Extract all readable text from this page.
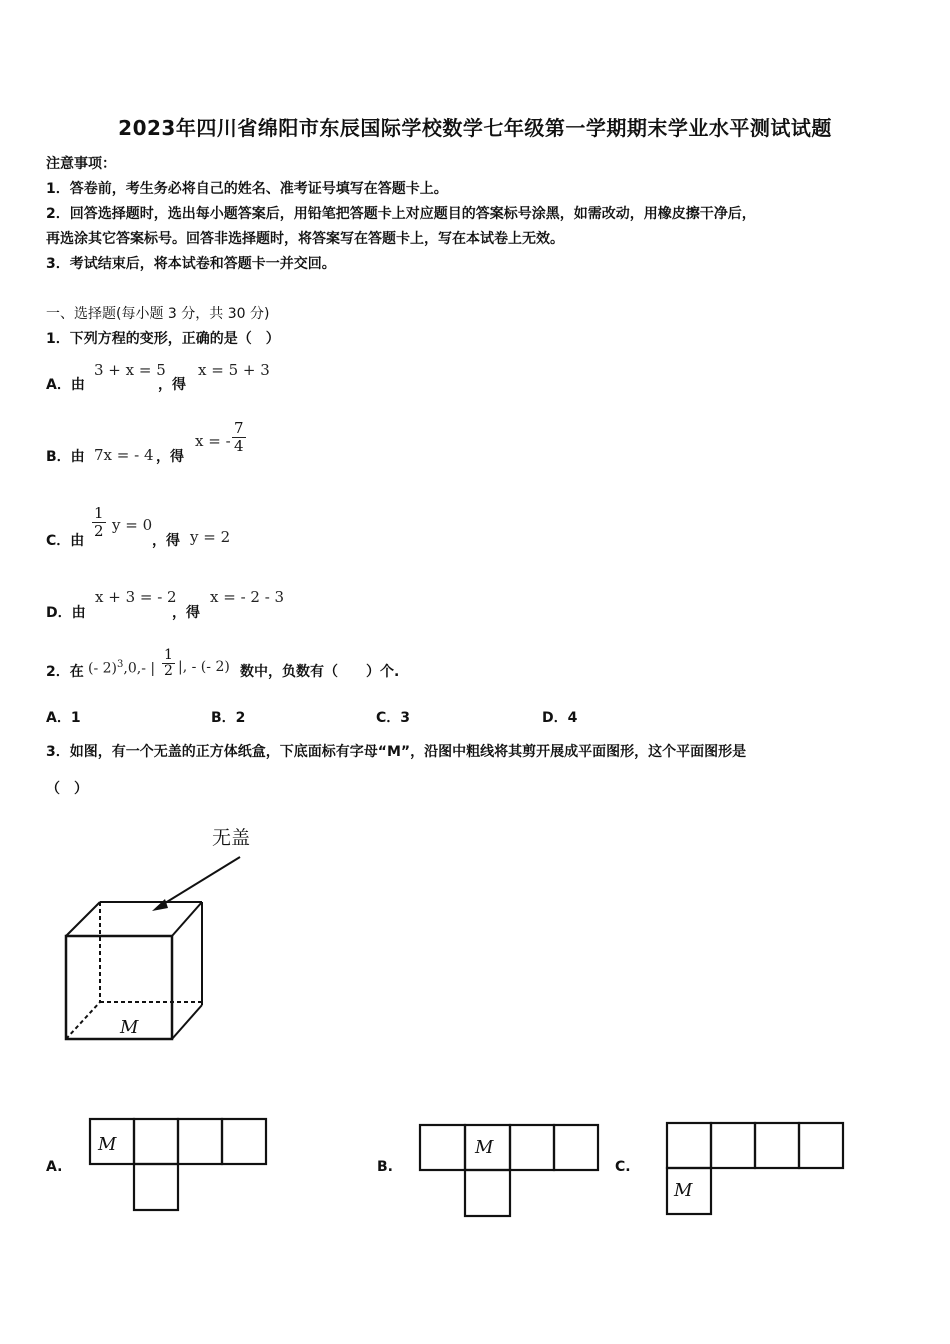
2023年四川省绵阳市东辰国际学校数学七年级第一学期期末学业水平测试试题
注意事项：
1．答卷前，考生务必将自己的姓名、准考证号填写在答题卡上。
2．回答选择题时，选出每小题答案后，用铅笔把答题卡上对应题目的答案标号涂黑，如需改动，用橡皮擦干净后，
再选涂其它答案标号。回答非选择题时，将答案写在答题卡上，写在本试卷上无效。
3．考试结束后，将本试卷和答题卡一并交回。
一、选择题(每小题 3 分，共 30 分)
1．下列方程的变形，正确的是（　）
A．由
3 + x = 5
，得
x = 5 + 3
B．由 7x = - 4 ，得
x = - $\frac{7}{4}$
C．由
$\frac{1}{2}$ y = 0
，得 y = 2
D．由
x + 3 = - 2
，得
x = - 2 - 3
2．在 (- 2)$^3$,0,- | $\frac{1}{2}$ |, - (- 2) 数中，负数有（　　）个.
A．1	B．2	C．3	D．4
3．如图，有一个无盖的正方体纸盒，下底面标有字母“M”，沿图中粗线将其剪开展成平面图形，这个平面图形是
（　）
无盖
M
A.
M
B.
M
C.
M
